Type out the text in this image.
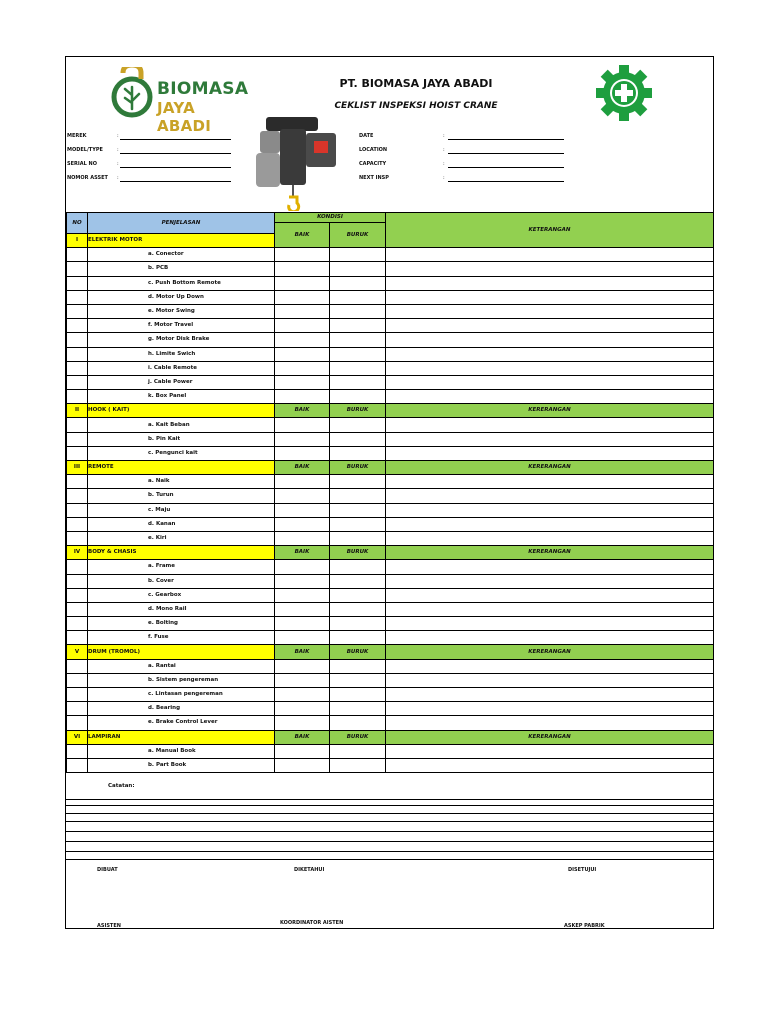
BIOMASA
JAYA ABADI
PT. BIOMASA JAYA ABADI
CEKLIST INSPEKSI HOIST CRANE
MEREK	:
MODEL/TYPE	:
SERIAL NO	:
NOMOR ASSET :
DATE	:
LOCATION	:
CAPACITY	:
NEXT INSP	:
NO	PENJELASAN	KONDISI		KETERANGAN
		BAIK	BURUK	
I	ELEKTRIK MOTOR			
	a. Conector			
	b. PCB			
	c. Push Bottom Remote			
	d. Motor Up Down			
	e. Motor Swing			
	f. Motor Travel			
	g. Motor Disk Brake			
	h. Limite Swich			
	i. Cable Remote			
	j. Cable Power			
	k. Box Panel			
II	HOOK ( KAIT)	BAIK	BURUK	KERERANGAN
	a. Kait Beban			
	b. Pin Kait			
	c. Pengunci kait			
III	REMOTE	BAIK	BURUK	KERERANGAN
	a. Naik			
	b. Turun			
	c. Maju			
	d. Kanan			
	e. Kiri			
IV	BODY & CHASIS	BAIK	BURUK	KERERANGAN
	a. Frame			
	b. Cover			
	c. Gearbox			
	d. Mono Rail			
	e. Bolting			
	f. Fuse			
V	DRUM (TROMOL)	BAIK	BURUK	KERERANGAN
	a. Rantai			
	b. Sistem pengereman			
	c. Lintasan pengereman			
	d. Bearing			
	e. Brake Control Lever			
VI	LAMPIRAN	BAIK	BURUK	KERERANGAN
	a. Manual Book			
	b. Part Book			
Catatan:
DIBUAT	DIKETAHUI	DISETUJUI
ASISTEN	KOORDINATOR AISTEN	ASKEP PABRIK
